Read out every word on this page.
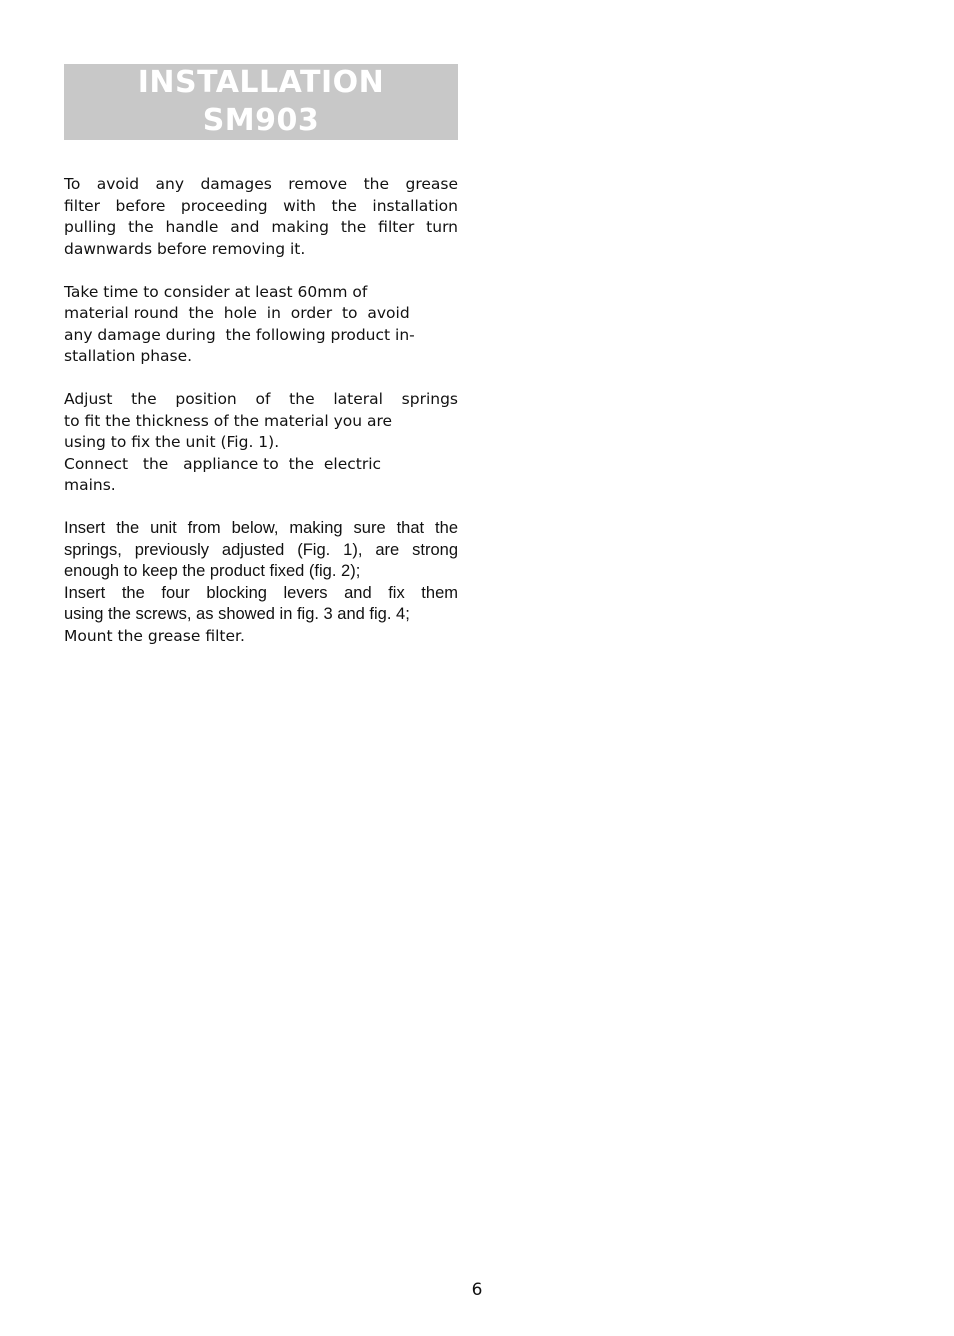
INSTALLATION
SM903

To avoid any damages remove the grease
filter before proceeding with the installation
pulling the handle and making the filter turn
dawnwards before removing it.

Take time to consider at least 60mm of
material round  the  hole  in  order  to  avoid
any damage during  the following product in-
stallation phase.

Adjust the position of the lateral springs
to fit the thickness of the material you are
using to fix the unit (Fig. 1).
Connect   the   appliance to  the  electric
mains.

Insert the unit from below, making sure that the
springs, previously adjusted (Fig. 1), are strong
enough to keep the product fixed (fig. 2);
Insert the four blocking levers and fix them
using the screws, as showed in fig. 3 and fig. 4;
Mount the grease filter.

6
